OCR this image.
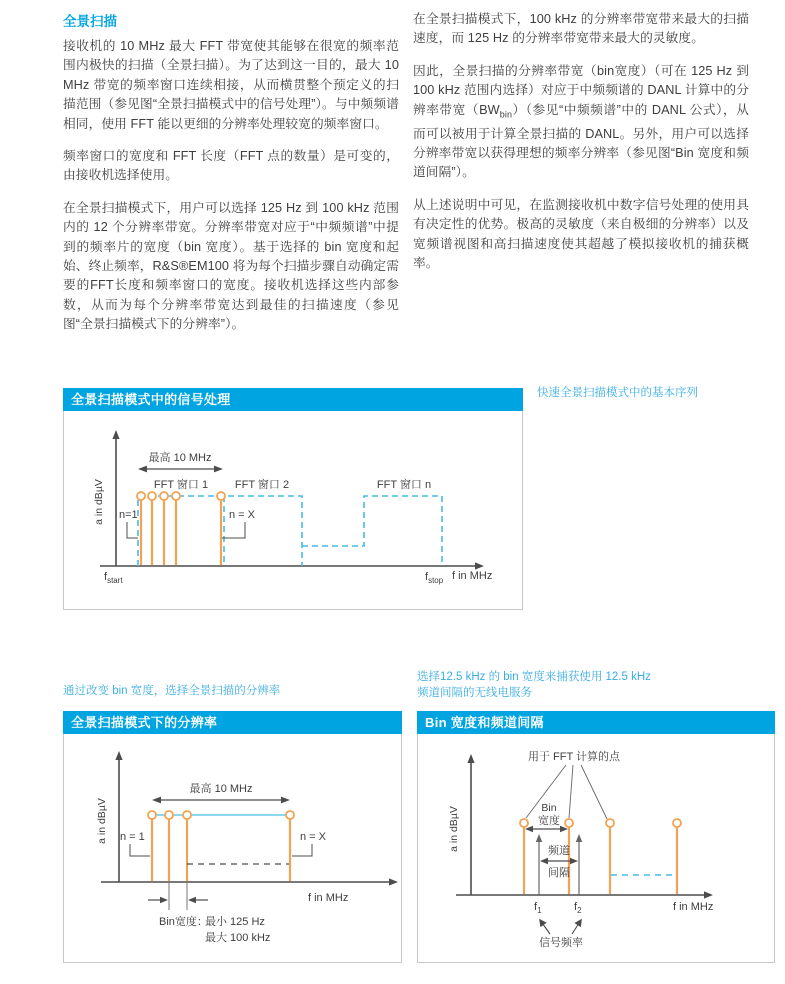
全景扫描

接收机的 10 MHz 最大 FFT 带宽使其能够在很宽的频率范围内极快的扫描（全景扫描）。为了达到这一目的，最大 10 MHz 带宽的频率窗口连续相接，从而横贯整个预定义的扫描范围（参见图“全景扫描模式中的信号处理”）。与中频频谱相同，使用 FFT 能以更细的分辨率处理较宽的频率窗口。

频率窗口的宽度和 FFT 长度（FFT 点的数量）是可变的，由接收机选择使用。

在全景扫描模式下，用户可以选择 125 Hz 到 100 kHz 范围内的 12 个分辨率带宽。分辨率带宽对应于“中频频谱”中提到的频率片的宽度（bin 宽度）。基于选择的 bin 宽度和起始、终止频率，R&S®EM100 将为每个扫描步骤自动确定需要的FFT长度和频率窗口的宽度。接收机选择这些内部参数，从而为每个分辨率带宽达到最佳的扫描速度（参见图“全景扫描模式下的分辨率”）。

在全景扫描模式下，100 kHz 的分辨率带宽带来最大的扫描速度，而 125 Hz 的分辨率带宽带来最大的灵敏度。

因此，全景扫描的分辨率带宽（bin宽度）（可在 125 Hz 到 100 kHz 范围内选择）对应于中频频谱的 DANL 计算中的分辨率带宽$(BW_{bin})$（参见“中频频谱”中的 DANL 公式），从而可以被用于计算全景扫描的 DANL。另外，用户可以选择分辨率带宽以获得理想的频率分辨率（参见图“Bin 宽度和频道间隔”）。

从上述说明中可见，在监测接收机中数字信号处理的使用具有决定性的优势。极高的灵敏度（来自极细的分辨率）以及宽频谱视图和高扫描速度使其超越了模拟接收机的捕获概率。

全景扫描模式中的信号处理
a in dBµV
最高 10 MHz
FFT 窗口 1 FFT 窗口 2	FFT 窗口 n
n=1	n = X
$f_{start}$	$f_{stop}$ f in MHz
快速全景扫描模式中的基本序列
通过改变 bin 宽度，选择全景扫描的分辨率
选择12.5 kHz 的 bin 宽度来捕获使用 12.5 kHz
频道间隔的无线电服务
全景扫描模式下的分辨率
a in dBµV
最高 10 MHz
n = 1	n = X
f in MHz
Bin宽度：
最小 125 Hz
最大 100 kHz
Bin 宽度和频道间隔
a in dBµV
用于 FFT 计算的点
Bin
宽度
频道
间隔
$f_1$	$f_2$	f in MHz
信号频率
